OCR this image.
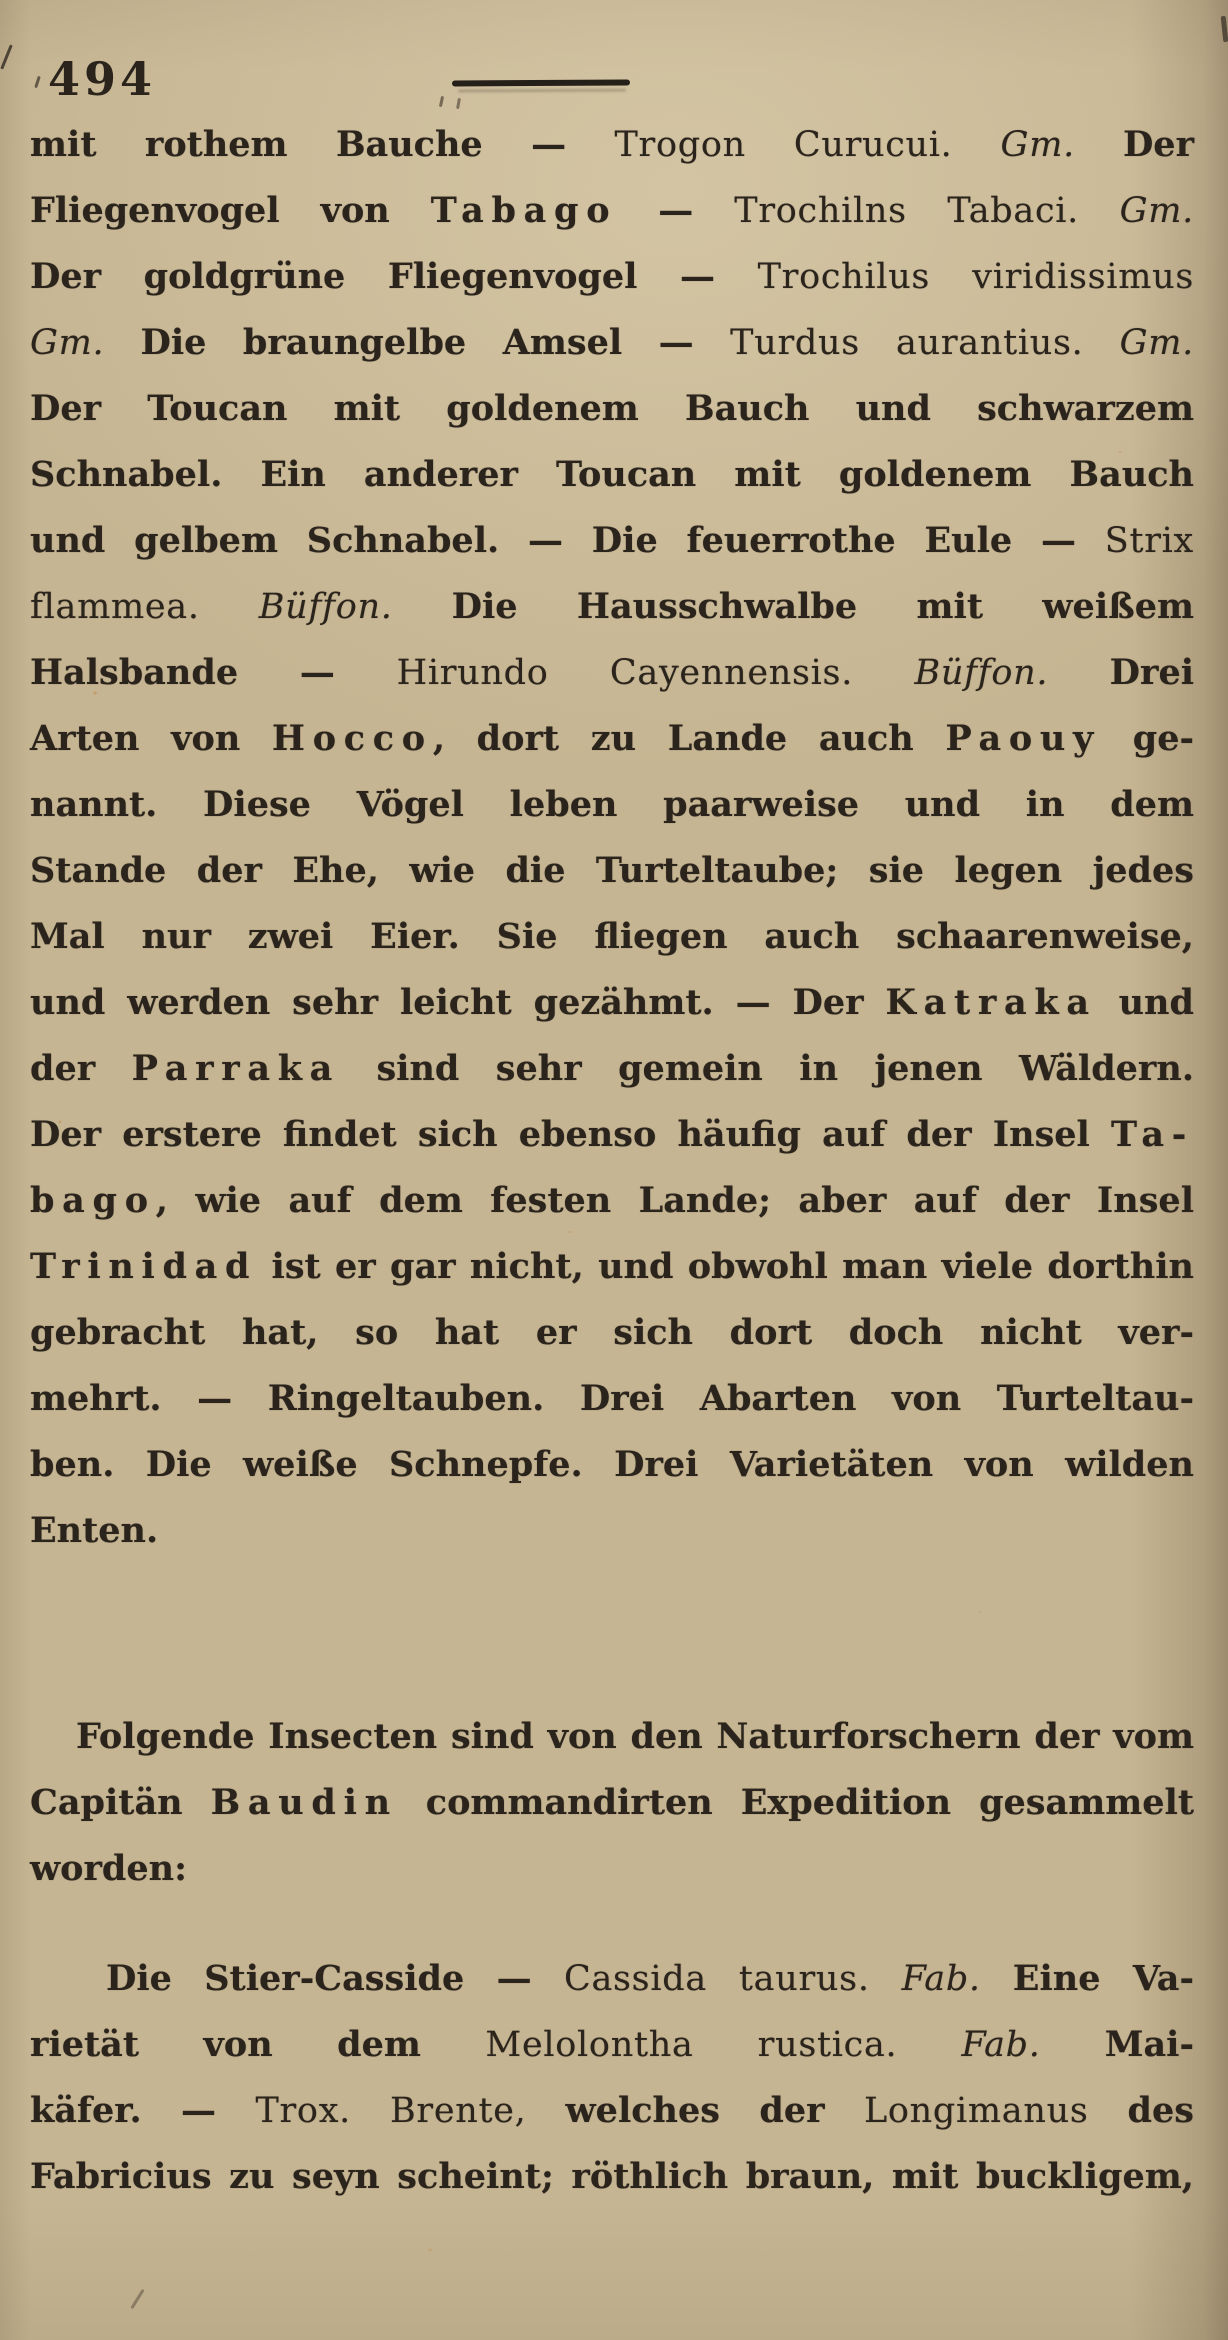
494
mit rothem Bauche — Trogon Curucui. Gm. Der
Fliegenvogel von Tabago — Trochilns Tabaci. Gm.
Der goldgrüne Fliegenvogel — Trochilus viridissimus
Gm. Die braungelbe Amsel — Turdus aurantius. Gm.
Der Toucan mit goldenem Bauch und schwarzem
Schnabel. Ein anderer Toucan mit goldenem Bauch
und gelbem Schnabel. — Die feuerrothe Eule — Strix
flammea. Büffon. Die Hausschwalbe mit weißem
Halsbande — Hirundo Cayennensis. Büffon. Drei
Arten von Hocco, dort zu Lande auch Paouy ge-
nannt. Diese Vögel leben paarweise und in dem
Stande der Ehe, wie die Turteltaube; sie legen jedes
Mal nur zwei Eier. Sie fliegen auch schaarenweise,
und werden sehr leicht gezähmt. — Der Katraka und
der Parraka sind sehr gemein in jenen Wäldern.
Der erstere findet sich ebenso häufig auf der Insel Ta-
bago, wie auf dem festen Lande; aber auf der Insel
Trinidad ist er gar nicht, und obwohl man viele dorthin
gebracht hat, so hat er sich dort doch nicht ver-
mehrt. — Ringeltauben. Drei Abarten von Turteltau-
ben. Die weiße Schnepfe. Drei Varietäten von wilden
Enten.
Folgende Insecten sind von den Naturforschern der vom
Capitän Baudin commandirten Expedition gesammelt
worden:
Die Stier-Casside — Cassida taurus. Fab. Eine Va-
rietät von dem Melolontha rustica. Fab. Mai-
käfer. — Trox. Brente, welches der Longimanus des
Fabricius zu seyn scheint; röthlich braun, mit buckligem,
